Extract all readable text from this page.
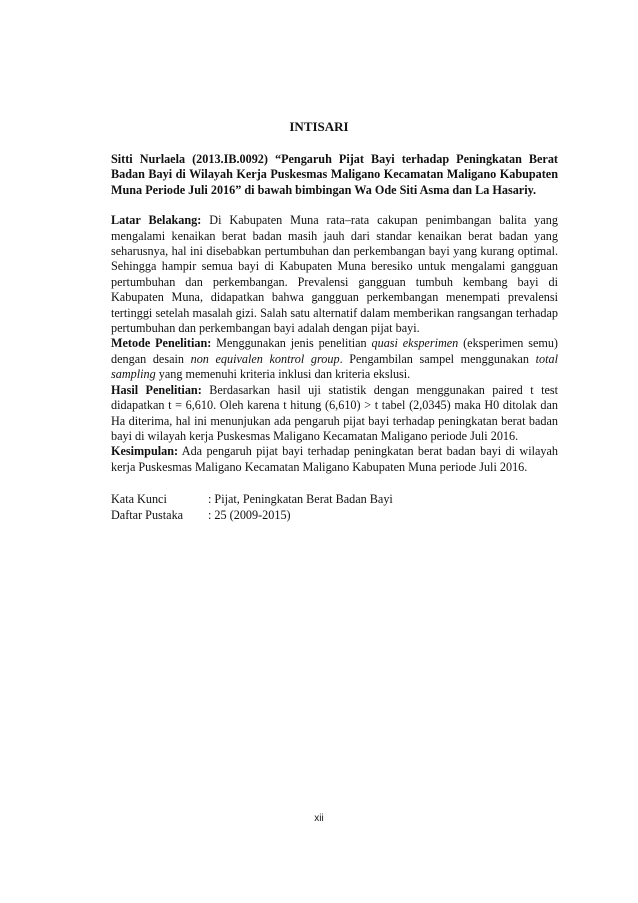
INTISARI

Sitti Nurlaela (2013.IB.0092) “Pengaruh Pijat Bayi terhadap Peningkatan Berat Badan Bayi di Wilayah Kerja Puskesmas Maligano Kecamatan Maligano Kabupaten Muna Periode Juli 2016” di bawah bimbingan Wa Ode Siti Asma dan La Hasariy.

Latar Belakang: Di Kabupaten Muna rata–rata cakupan penimbangan balita yang mengalami kenaikan berat badan masih jauh dari standar kenaikan berat badan yang seharusnya, hal ini disebabkan pertumbuhan dan perkembangan bayi yang kurang optimal. Sehingga hampir semua bayi di Kabupaten Muna beresiko untuk mengalami gangguan pertumbuhan dan perkembangan. Prevalensi gangguan tumbuh kembang bayi di Kabupaten Muna, didapatkan bahwa gangguan perkembangan menempati prevalensi tertinggi setelah masalah gizi. Salah satu alternatif dalam memberikan rangsangan terhadap pertumbuhan dan perkembangan bayi adalah dengan pijat bayi.

Metode Penelitian: Menggunakan jenis penelitian quasi eksperimen (eksperimen semu) dengan desain non equivalen kontrol group. Pengambilan sampel menggunakan total sampling yang memenuhi kriteria inklusi dan kriteria ekslusi.

Hasil Penelitian: Berdasarkan hasil uji statistik dengan menggunakan paired t test didapatkan t = 6,610. Oleh karena t hitung (6,610) > t tabel (2,0345) maka H0 ditolak dan Ha diterima, hal ini menunjukan ada pengaruh pijat bayi terhadap peningkatan berat badan bayi di wilayah kerja Puskesmas Maligano Kecamatan Maligano periode Juli 2016.

Kesimpulan: Ada pengaruh pijat bayi terhadap peningkatan berat badan bayi di wilayah kerja Puskesmas Maligano Kecamatan Maligano Kabupaten Muna periode Juli 2016.

Kata Kunci	: Pijat, Peningkatan Berat Badan Bayi
Daftar Pustaka	: 25 (2009-2015)
xii
